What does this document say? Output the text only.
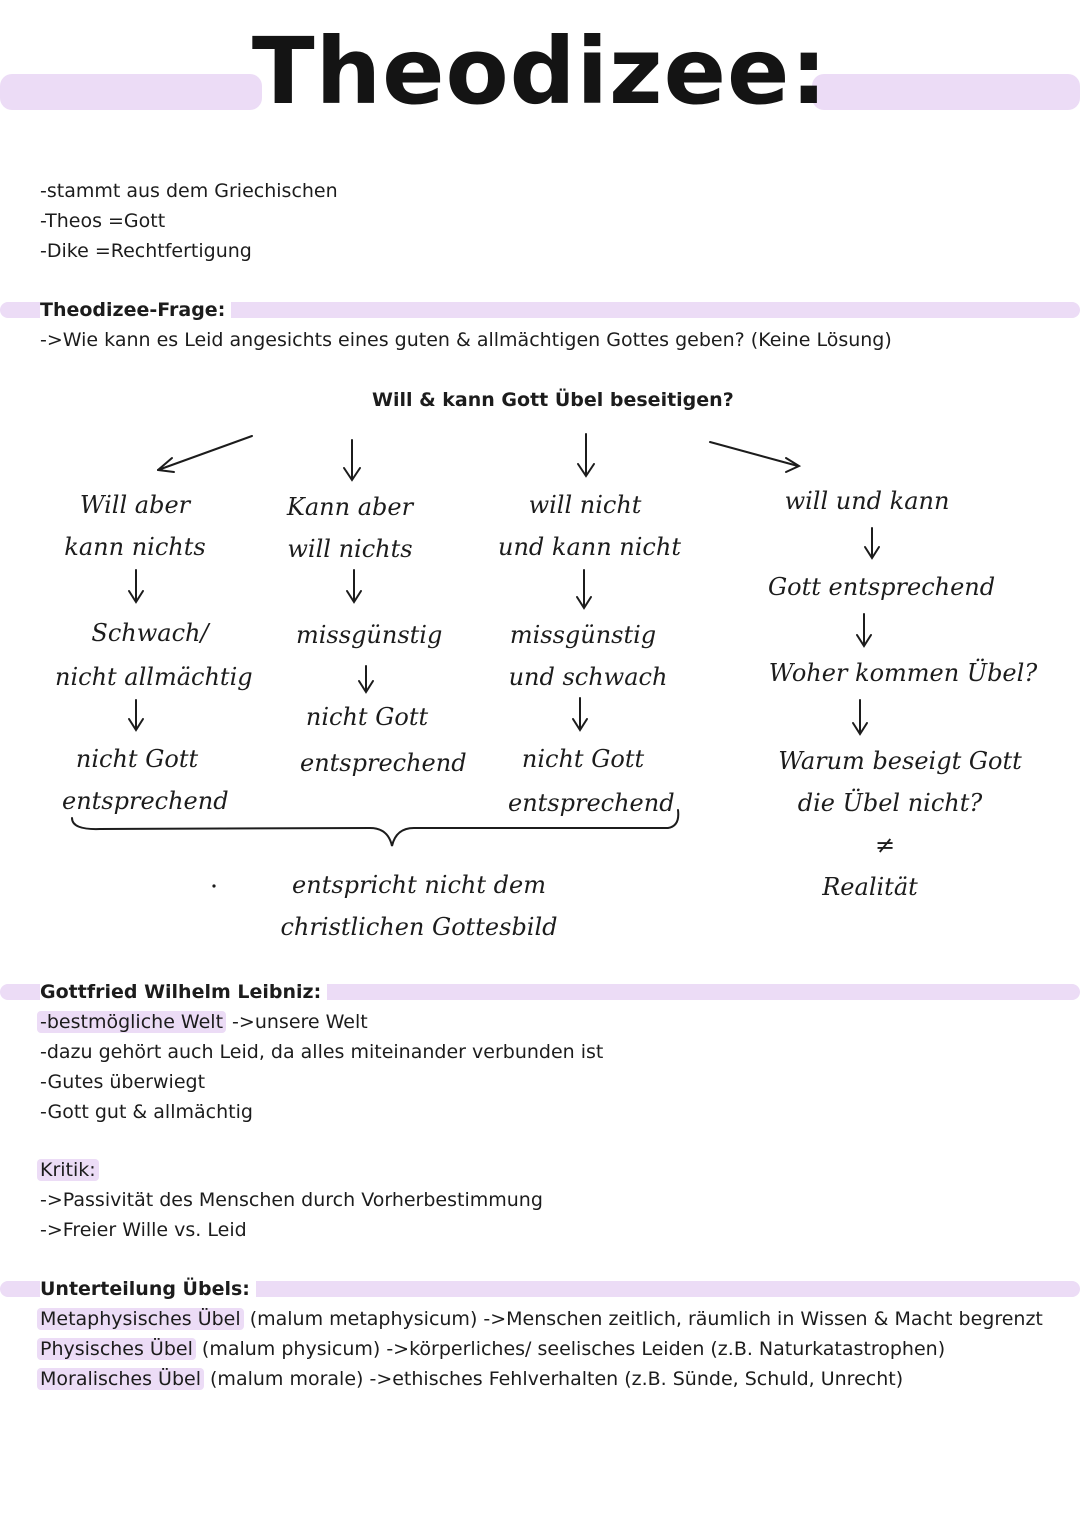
Theodizee:
-stammt aus dem Griechischen
-Theos =Gott
-Dike =Rechtfertigung
Theodizee-Frage:
->Wie kann es Leid angesichts eines guten & allmächtigen Gottes geben? (Keine Lösung)
Will & kann Gott Übel beseitigen?
Will aber
kann nichts
Schwach/
nicht allmächtig
nicht Gott
entsprechend
Kann aber
will nichts
missgünstig
nicht Gott
entsprechend
will nicht
und kann nicht
missgünstig
und schwach
nicht Gott
entsprechend
will und kann
Gott entsprechend
Woher kommen Übel?
Warum beseigt Gott
die Übel nicht?
≠
Realität
entspricht nicht dem
christlichen Gottesbild
Gottfried Wilhelm Leibniz:
-bestmögliche Welt ->unsere Welt
-dazu gehört auch Leid, da alles miteinander verbunden ist
-Gutes überwiegt
-Gott gut & allmächtig
Kritik:
->Passivität des Menschen durch Vorherbestimmung
->Freier Wille vs. Leid
Unterteilung Übels:
Metaphysisches Übel (malum metaphysicum) ->Menschen zeitlich, räumlich in Wissen & Macht begrenzt
Physisches Übel (malum physicum) ->körperliches/ seelisches Leiden (z.B. Naturkatastrophen)
Moralisches Übel (malum morale) ->ethisches Fehlverhalten (z.B. Sünde, Schuld, Unrecht)
